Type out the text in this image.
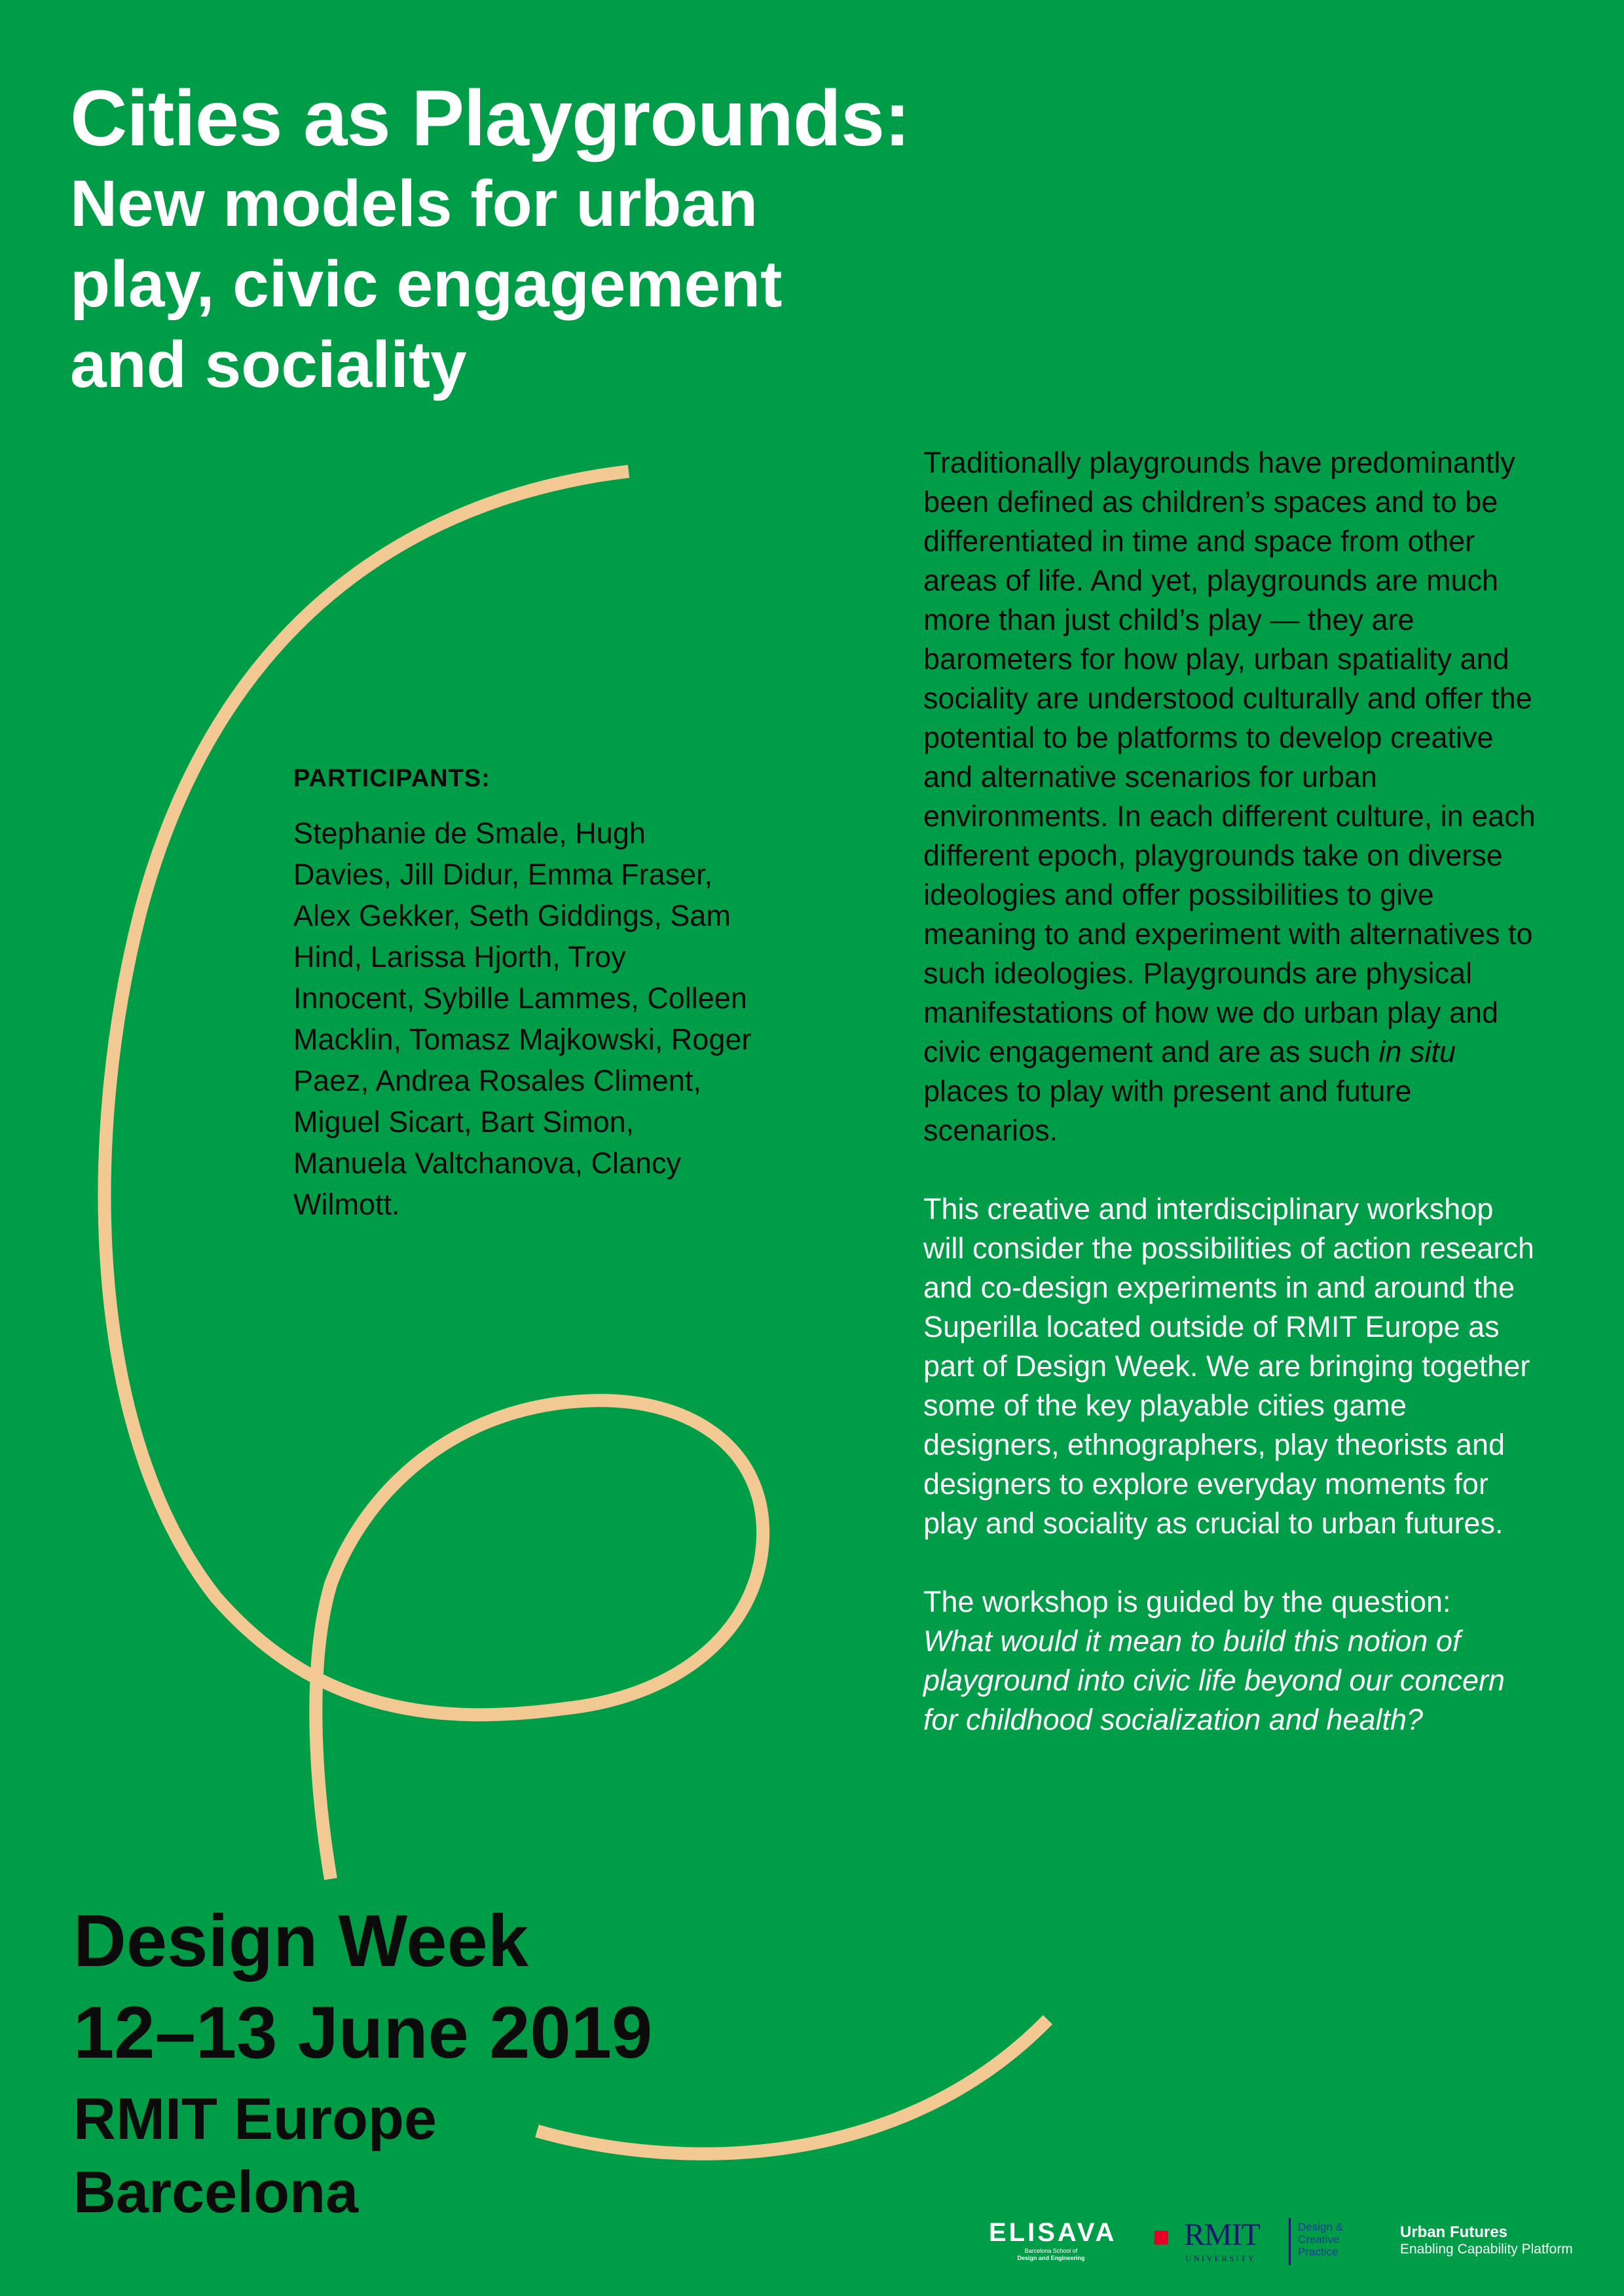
Cities as Playgrounds:
New models for urban play, civic engagement and sociality

PARTICIPANTS:

Stephanie de Smale, Hugh Davies, Jill Didur, Emma Fraser, Alex Gekker, Seth Giddings, Sam Hind, Larissa Hjorth, Troy Innocent, Sybille Lammes, Colleen Macklin, Tomasz Majkowski, Roger Paez, Andrea Rosales Climent, Miguel Sicart, Bart Simon, Manuela Valtchanova, Clancy Wilmott.

Traditionally playgrounds have predominantly been defined as children’s spaces and to be differentiated in time and space from other areas of life. And yet, playgrounds are much more than just child’s play — they are barometers for how play, urban spatiality and sociality are understood culturally and offer the potential to be platforms to develop creative and alternative scenarios for urban environments. In each different culture, in each different epoch, playgrounds take on diverse ideologies and offer possibilities to give meaning to and experiment with alternatives to such ideologies. Playgrounds are physical manifestations of how we do urban play and civic engagement and are as such in situ places to play with present and future scenarios.

This creative and interdisciplinary workshop will consider the possibilities of action research and co-design experiments in and around the Superilla located outside of RMIT Europe as part of Design Week. We are bringing together some of the key playable cities game designers, ethnographers, play theorists and designers to explore everyday moments for play and sociality as crucial to urban futures.

The workshop is guided by the question:
What would it mean to build this notion of playground into civic life beyond our concern for childhood socialization and health?

Design Week

12–13 June 2019

RMIT Europe

Barcelona

ELISAVA
Barcelona School of
Design and Engineering
■ RMIT
UNIVERSITY
Design & Creative Practice
Urban Futures
Enabling Capability Platform
